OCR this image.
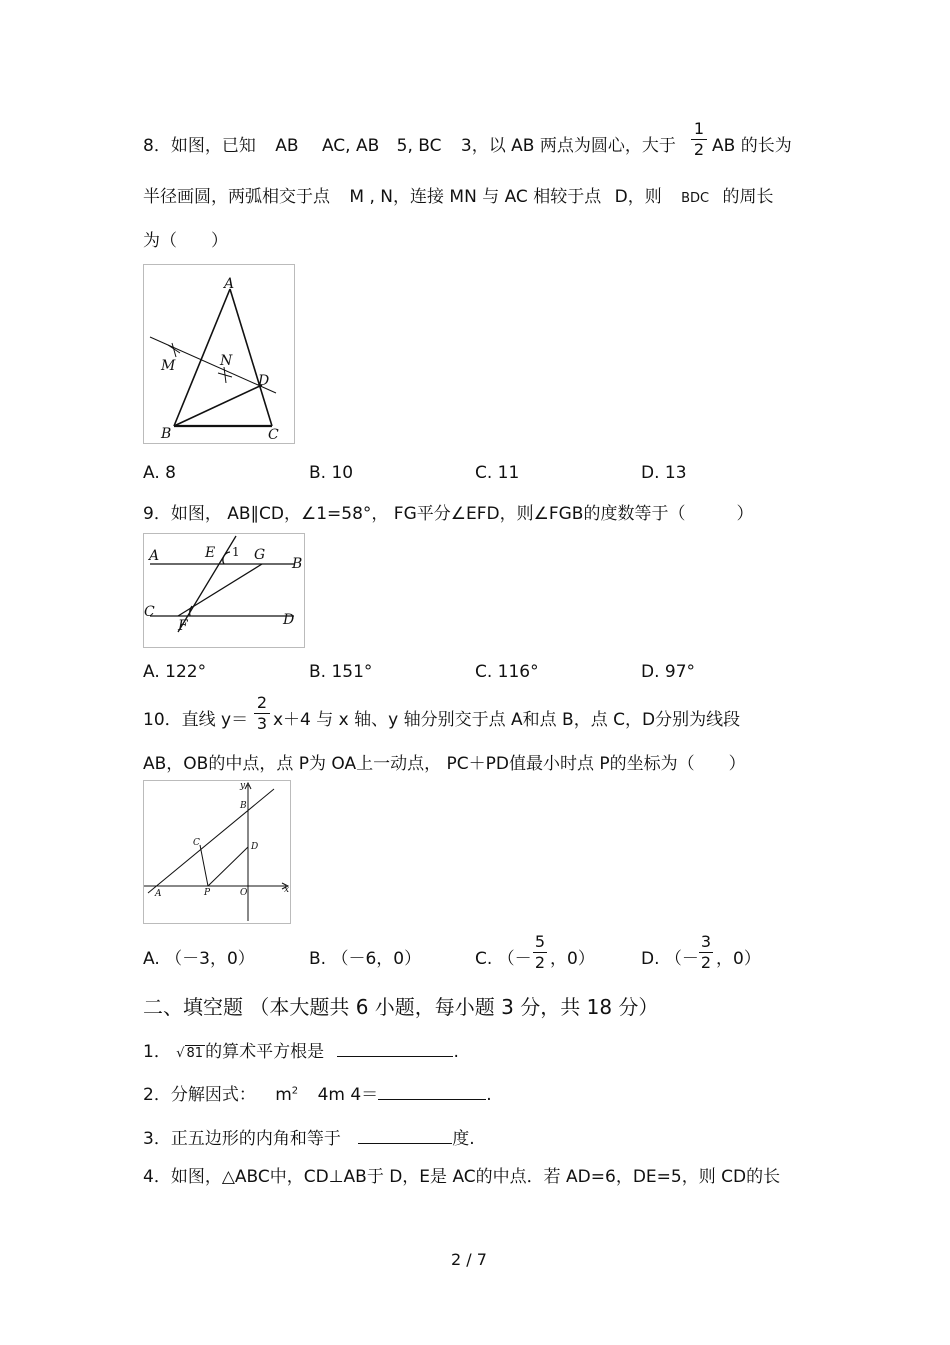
8．如图，已知 AB AC, AB 5, BC 3，以 AB 两点为圆心，大于
1
2 AB 的长为
半径画圆，两弧相交于点 M , N，连接 MN 与 AC 相较于点 D，则 BDC 的周长
为（　　）
A
B	C
D
M	N
A. 8	B. 10	C. 11	D. 13
9．如图， AB∥CD，∠1=58°， FG平分∠EFD，则∠FGB的度数等于（　　　）
A	B
C	D
E
F
G
1
A. 122°	B. 151°	C. 116°	D. 97°
10．直线 y＝
2
3 x＋4 与 x 轴、y 轴分别交于点 A和点 B，点 C，D分别为线段
AB，OB的中点，点 P为 OA上一动点， PC＋PD值最小时点 P的坐标为（　　）
y
x
B
C	D
A	P	O
A. （－3，0）	B. （－6，0）	C. （－
5
2 ，0）	D. （－
3
2 ，0）
二、填空题 （本大题共 6 小题，每小题 3 分，共 18 分）
1． √ 81 的算术平方根是	.
2．分解因式： $m^2$ 4m 4＝	.
3．正五边形的内角和等于	度.
4．如图，△ABC中，CD⊥AB于 D，E是 AC的中点．若 AD=6，DE=5，则 CD的长
2 / 7
